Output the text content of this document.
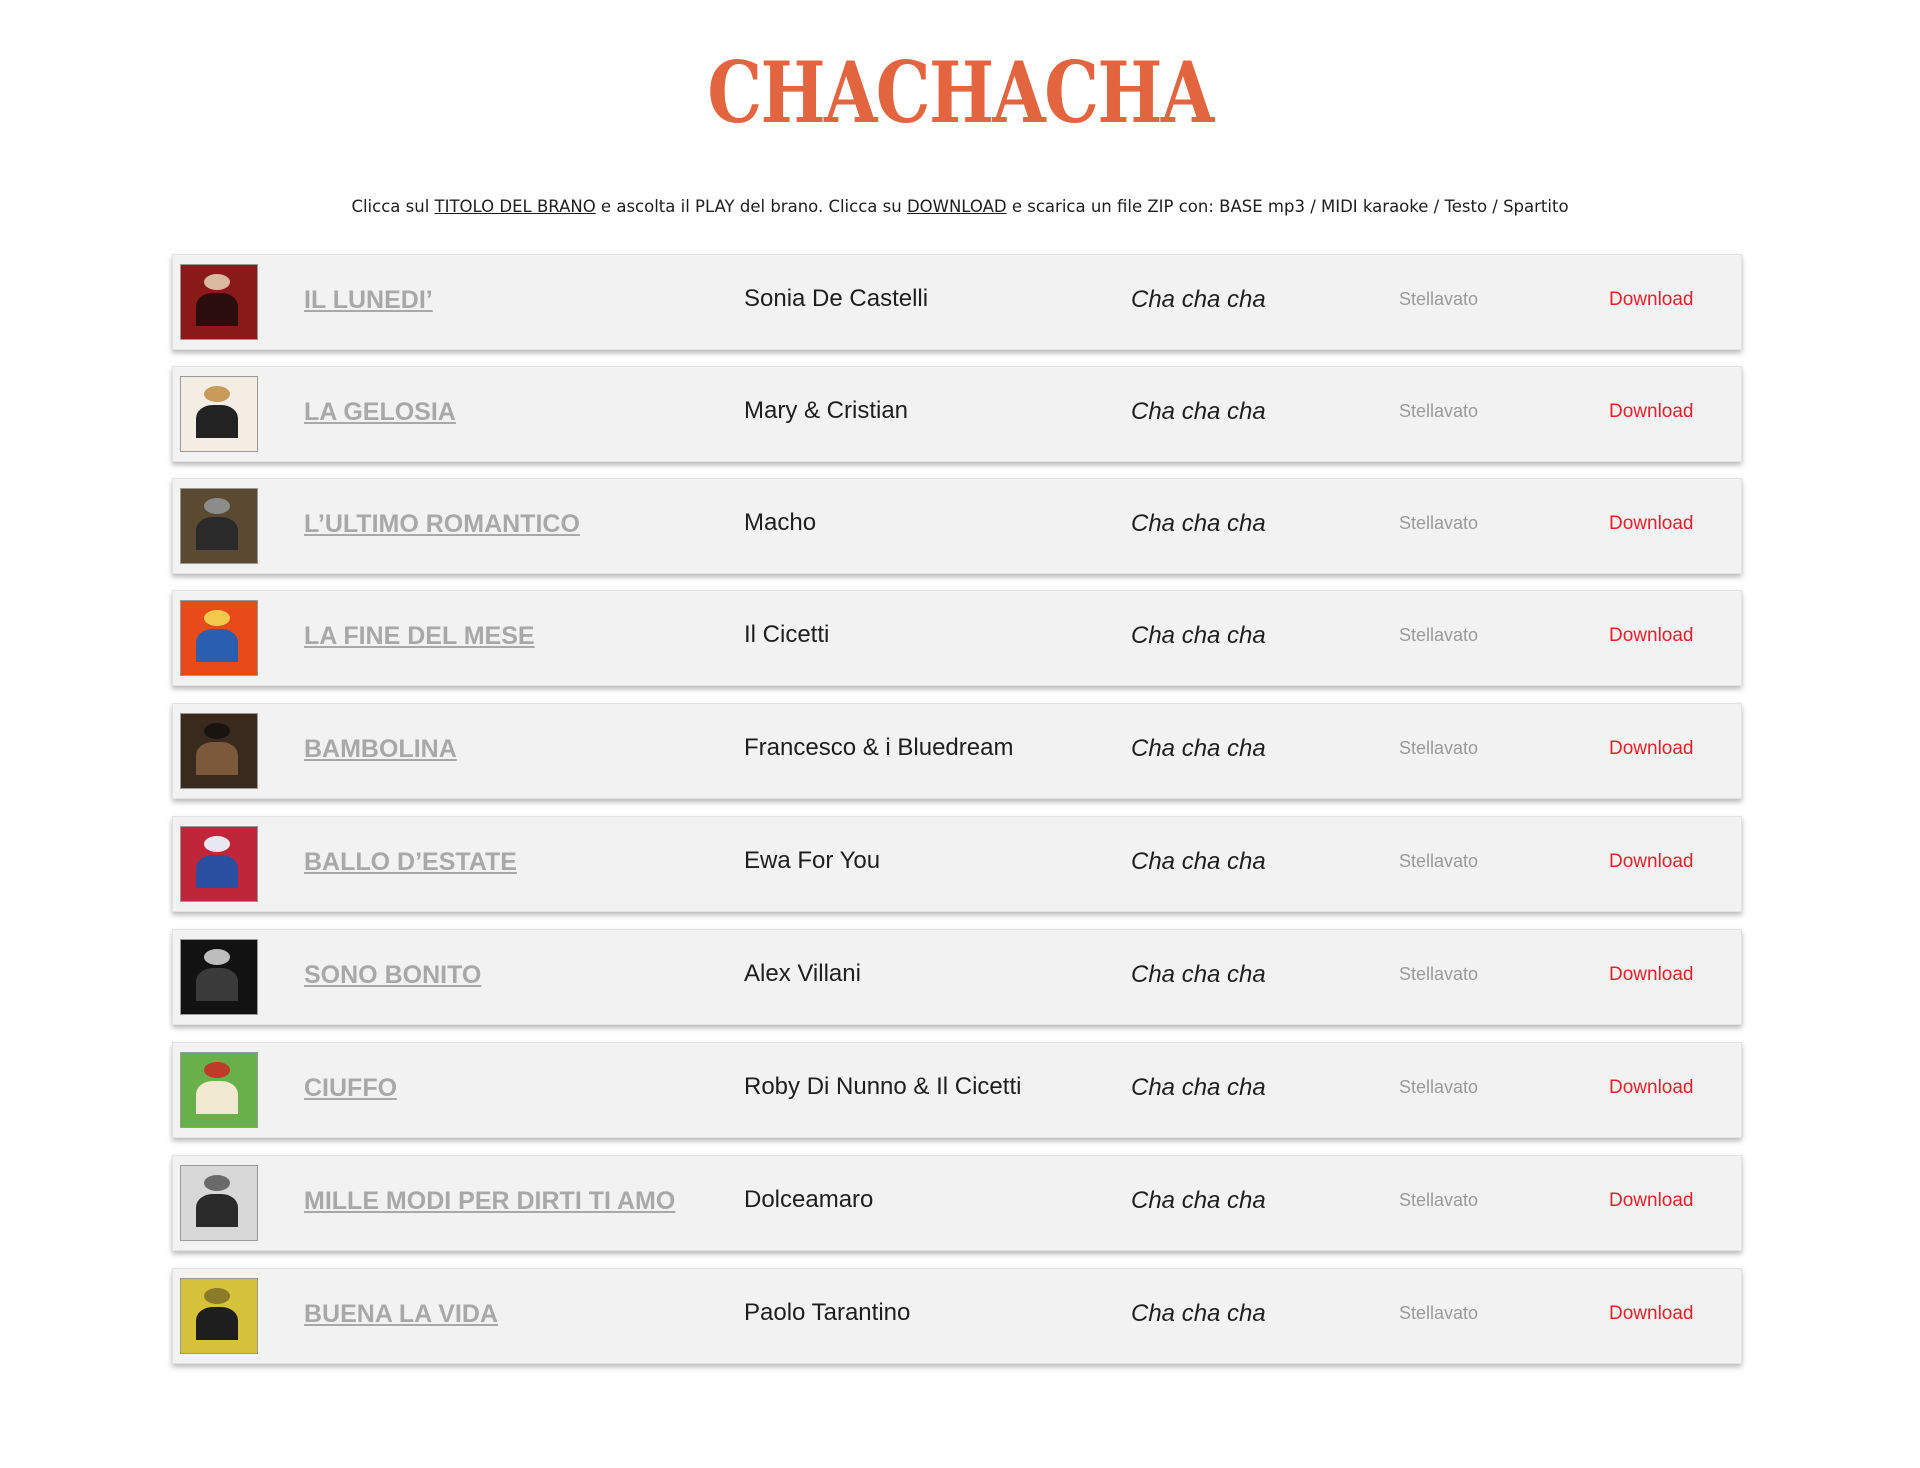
CHACHACHA
Clicca sul TITOLO DEL BRANO e ascolta il PLAY del brano. Clicca su DOWNLOAD e scarica un file ZIP con: BASE mp3 / MIDI karaoke / Testo / Spartito
IL LUNEDI’	Sonia De Castelli	Cha cha cha	Stellavato	Download
LA GELOSIA	Mary & Cristian	Cha cha cha	Stellavato	Download
L’ULTIMO ROMANTICO	Macho	Cha cha cha	Stellavato	Download
LA FINE DEL MESE	Il Cicetti	Cha cha cha	Stellavato	Download
BAMBOLINA	Francesco & i Bluedream	Cha cha cha	Stellavato	Download
BALLO D’ESTATE	Ewa For You	Cha cha cha	Stellavato	Download
SONO BONITO	Alex Villani	Cha cha cha	Stellavato	Download
CIUFFO	Roby Di Nunno & Il Cicetti	Cha cha cha	Stellavato	Download
MILLE MODI PER DIRTI TI AMO	Dolceamaro	Cha cha cha	Stellavato	Download
BUENA LA VIDA	Paolo Tarantino	Cha cha cha	Stellavato	Download
